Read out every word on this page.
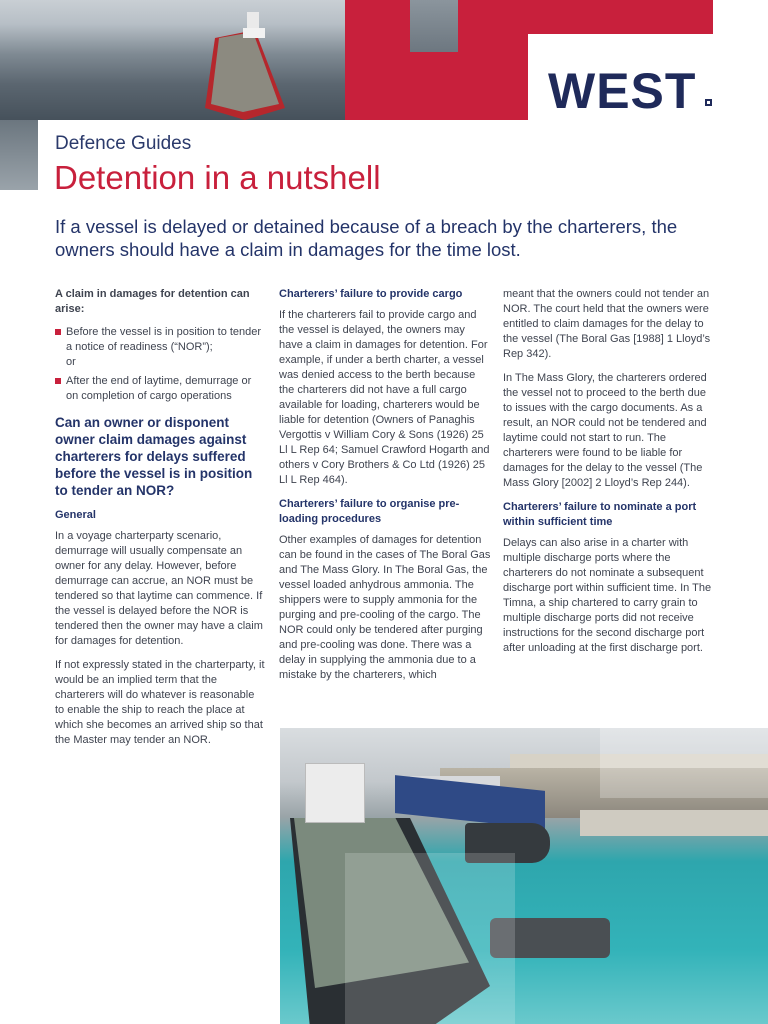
WEST
Defence Guides
Detention in a nutshell

If a vessel is delayed or detained because of a breach by the charterers, the owners should have a claim in damages for the time lost.

A claim in damages for detention can arise:

Before the vessel is in position to tender a notice of readiness (“NOR”);

or

After the end of laytime, demurrage or on completion of cargo operations

Can an owner or disponent owner claim damages against charterers for delays suffered before the vessel is in position to tender an NOR?
General

In a voyage charterparty scenario, demurrage will usually compensate an owner for any delay. However, before demurrage can accrue, an NOR must be tendered so that laytime can commence. If the vessel is delayed before the NOR is tendered then the owner may have a claim for damages for detention.

If not expressly stated in the charterparty, it would be an implied term that the charterers will do whatever is reasonable to enable the ship to reach the place at which she becomes an arrived ship so that the Master may tender an NOR.

Charterers’ failure to provide cargo

If the charterers fail to provide cargo and the vessel is delayed, the owners may have a claim in damages for detention. For example, if under a berth charter, a vessel was denied access to the berth because the charterers did not have a full cargo available for loading, charterers would be liable for detention (Owners of Panaghis Vergottis v William Cory & Sons (1926) 25 Ll L Rep 64; Samuel Crawford Hogarth and others v Cory Brothers & Co Ltd (1926) 25 Ll L Rep 464).

Charterers’ failure to organise pre-loading procedures

Other examples of damages for detention can be found in the cases of The Boral Gas and The Mass Glory. In The Boral Gas, the vessel loaded anhydrous ammonia. The shippers were to supply ammonia for the purging and pre-cooling of the cargo. The NOR could only be tendered after purging and pre-cooling was done. There was a delay in supplying the ammonia due to a mistake by the charterers, which

meant that the owners could not tender an NOR. The court held that the owners were entitled to claim damages for the delay to the vessel (The Boral Gas [1988] 1 Lloyd’s Rep 342).

In The Mass Glory, the charterers ordered the vessel not to proceed to the berth due to issues with the cargo documents. As a result, an NOR could not be tendered and laytime could not start to run. The charterers were found to be liable for damages for the delay to the vessel (The Mass Glory [2002] 2 Lloyd’s Rep 244).

Charterers’ failure to nominate a port within sufficient time

Delays can also arise in a charter with multiple discharge ports where the charterers do not nominate a subsequent discharge port within sufficient time. In The Timna, a ship chartered to carry grain to multiple discharge ports did not receive instructions for the second discharge port after unloading at the first discharge port.
